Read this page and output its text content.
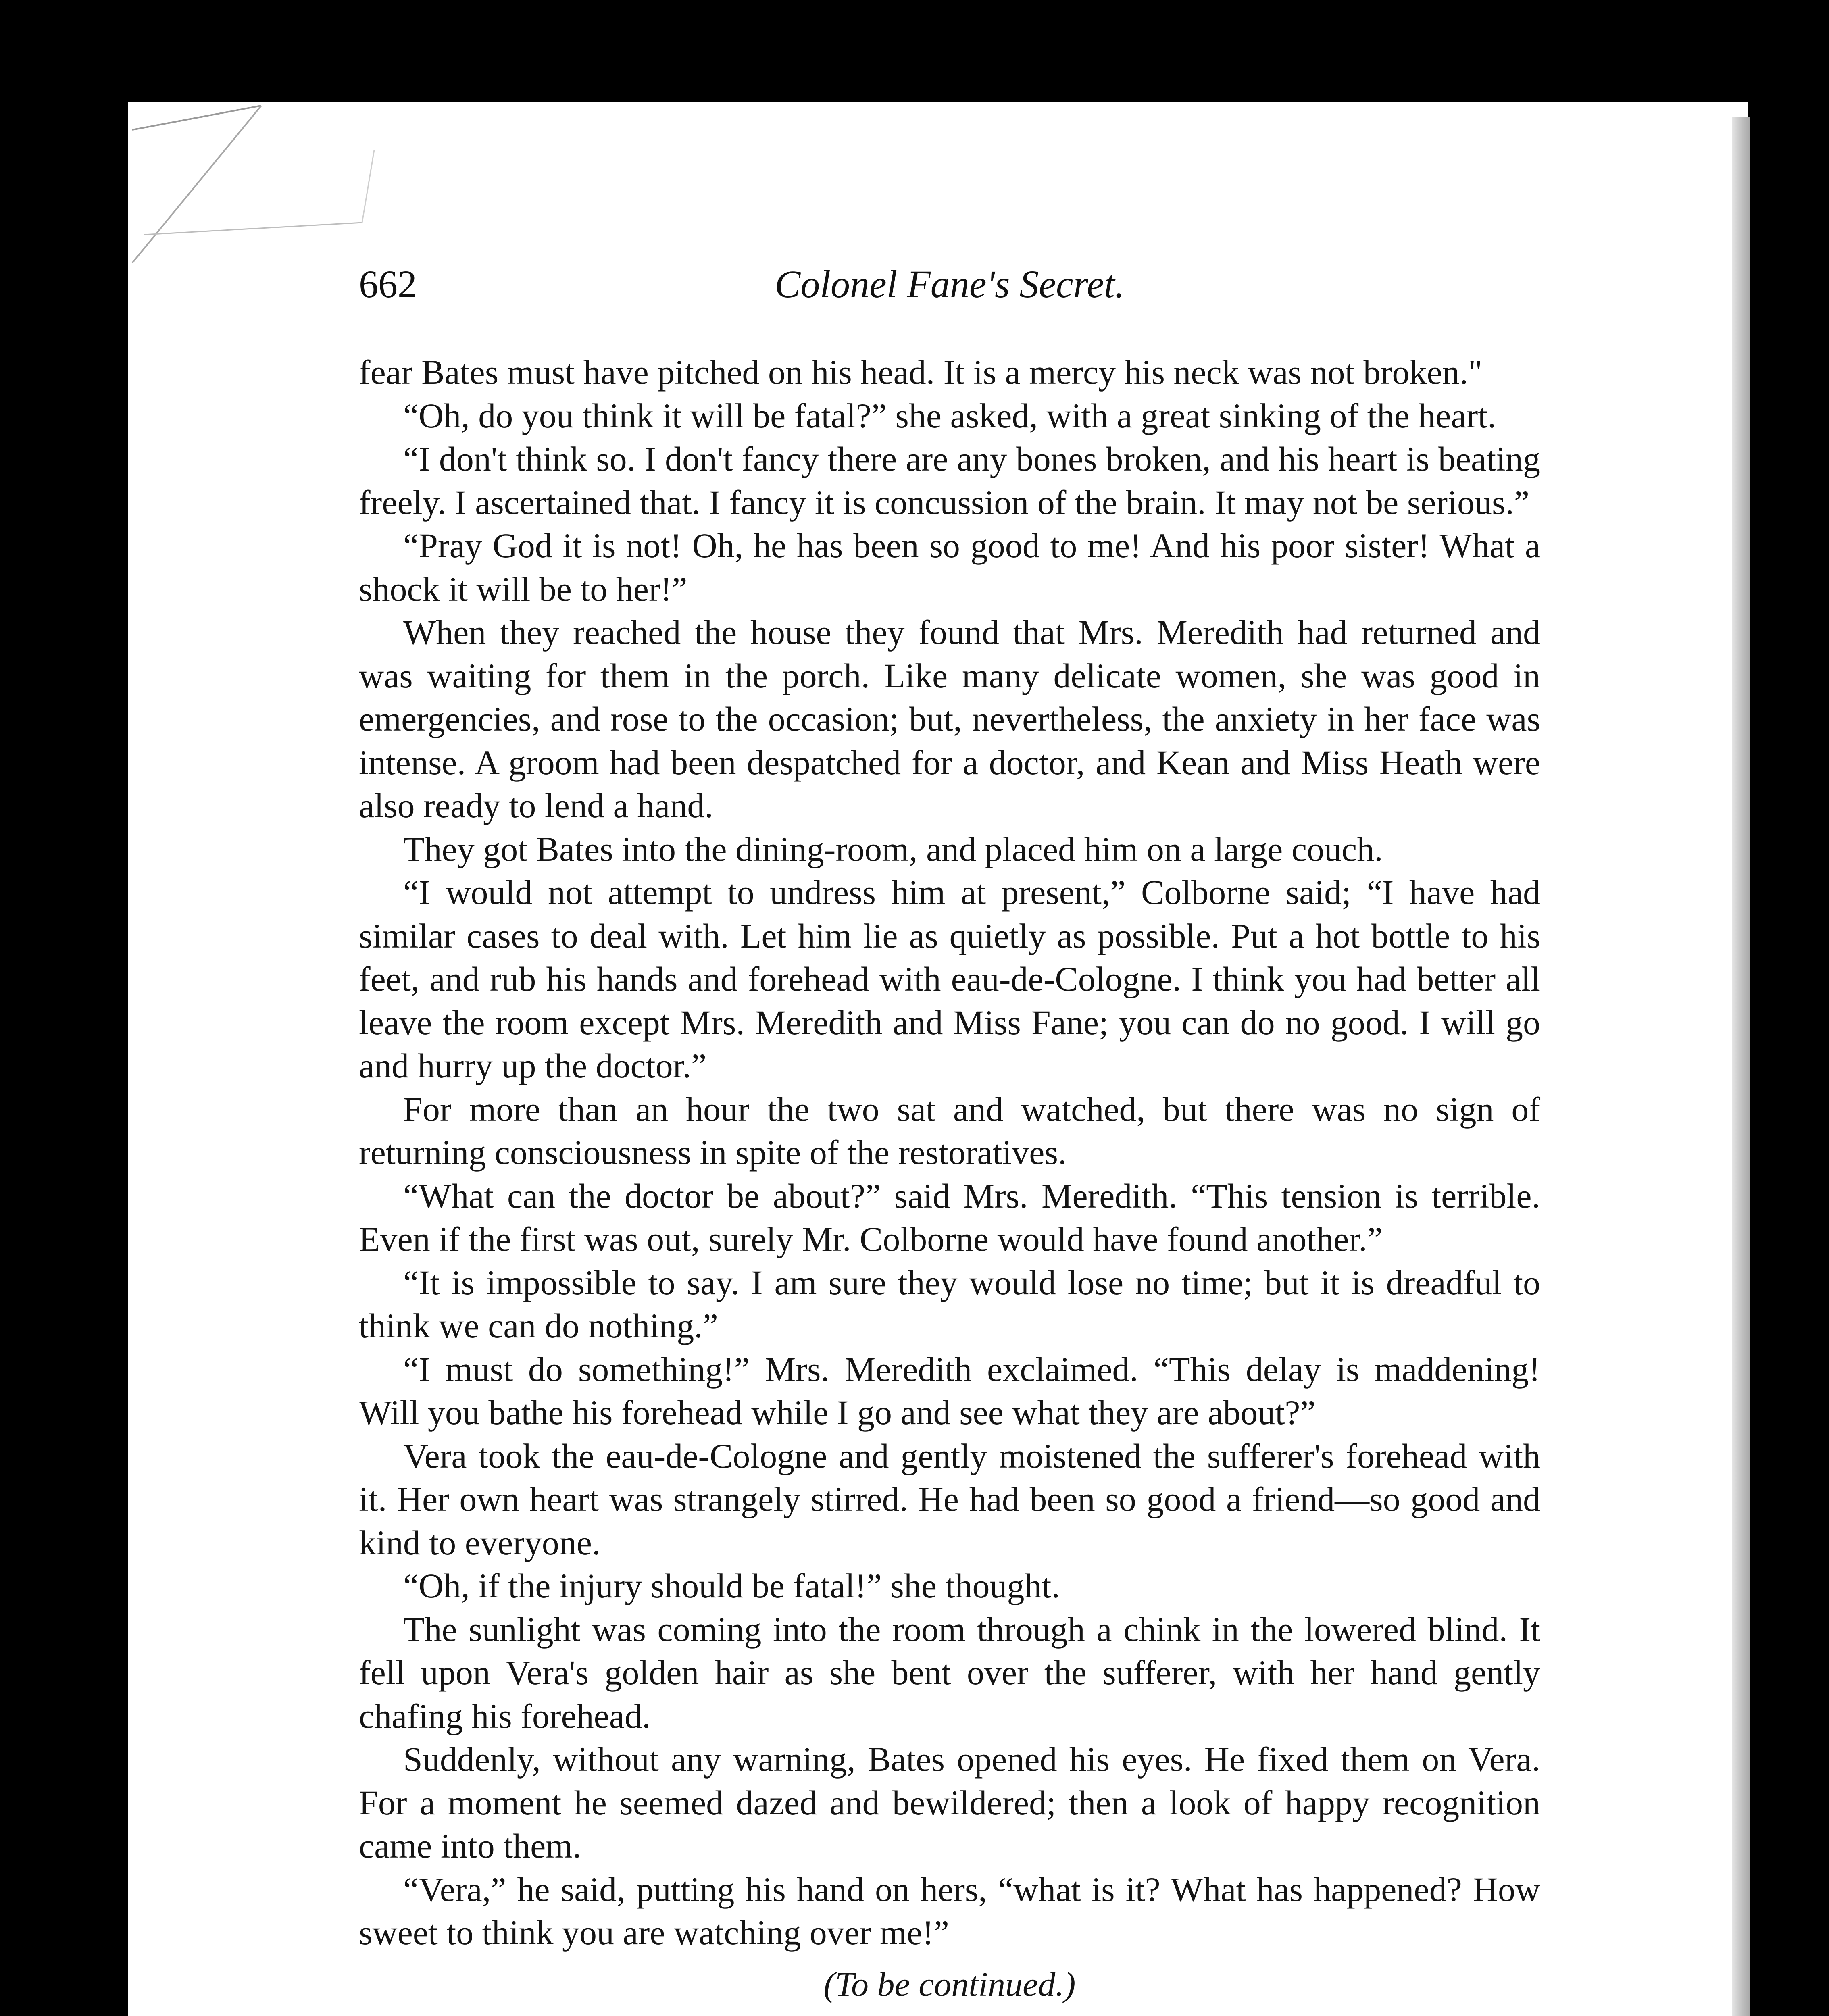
662	Colonel Fane's Secret.

fear Bates must have pitched on his head. It is a mercy his neck was not broken."

“Oh, do you think it will be fatal?” she asked, with a great sinking of the heart.

“I don't think so. I don't fancy there are any bones broken, and his heart is beating freely. I ascertained that. I fancy it is concussion of the brain. It may not be serious.”

“Pray God it is not! Oh, he has been so good to me! And his poor sister! What a shock it will be to her!”

When they reached the house they found that Mrs. Meredith had returned and was waiting for them in the porch. Like many delicate women, she was good in emergencies, and rose to the occasion; but, nevertheless, the anxiety in her face was intense. A groom had been despatched for a doctor, and Kean and Miss Heath were also ready to lend a hand.

They got Bates into the dining-room, and placed him on a large couch.

“I would not attempt to undress him at present,” Colborne said; “I have had similar cases to deal with. Let him lie as quietly as possible. Put a hot bottle to his feet, and rub his hands and forehead with eau-de-Cologne. I think you had better all leave the room except Mrs. Meredith and Miss Fane; you can do no good. I will go and hurry up the doctor.”

For more than an hour the two sat and watched, but there was no sign of returning consciousness in spite of the restoratives.

“What can the doctor be about?” said Mrs. Meredith. “This tension is terrible. Even if the first was out, surely Mr. Colborne would have found another.”

“It is impossible to say. I am sure they would lose no time; but it is dreadful to think we can do nothing.”

“I must do something!” Mrs. Meredith exclaimed. “This delay is maddening! Will you bathe his forehead while I go and see what they are about?”

Vera took the eau-de-Cologne and gently moistened the sufferer's forehead with it. Her own heart was strangely stirred. He had been so good a friend—so good and kind to everyone.

“Oh, if the injury should be fatal!” she thought.

The sunlight was coming into the room through a chink in the lowered blind. It fell upon Vera's golden hair as she bent over the sufferer, with her hand gently chafing his forehead.

Suddenly, without any warning, Bates opened his eyes. He fixed them on Vera. For a moment he seemed dazed and bewildered; then a look of happy recognition came into them.

“Vera,” he said, putting his hand on hers, “what is it? What has happened? How sweet to think you are watching over me!”

(To be continued.)
